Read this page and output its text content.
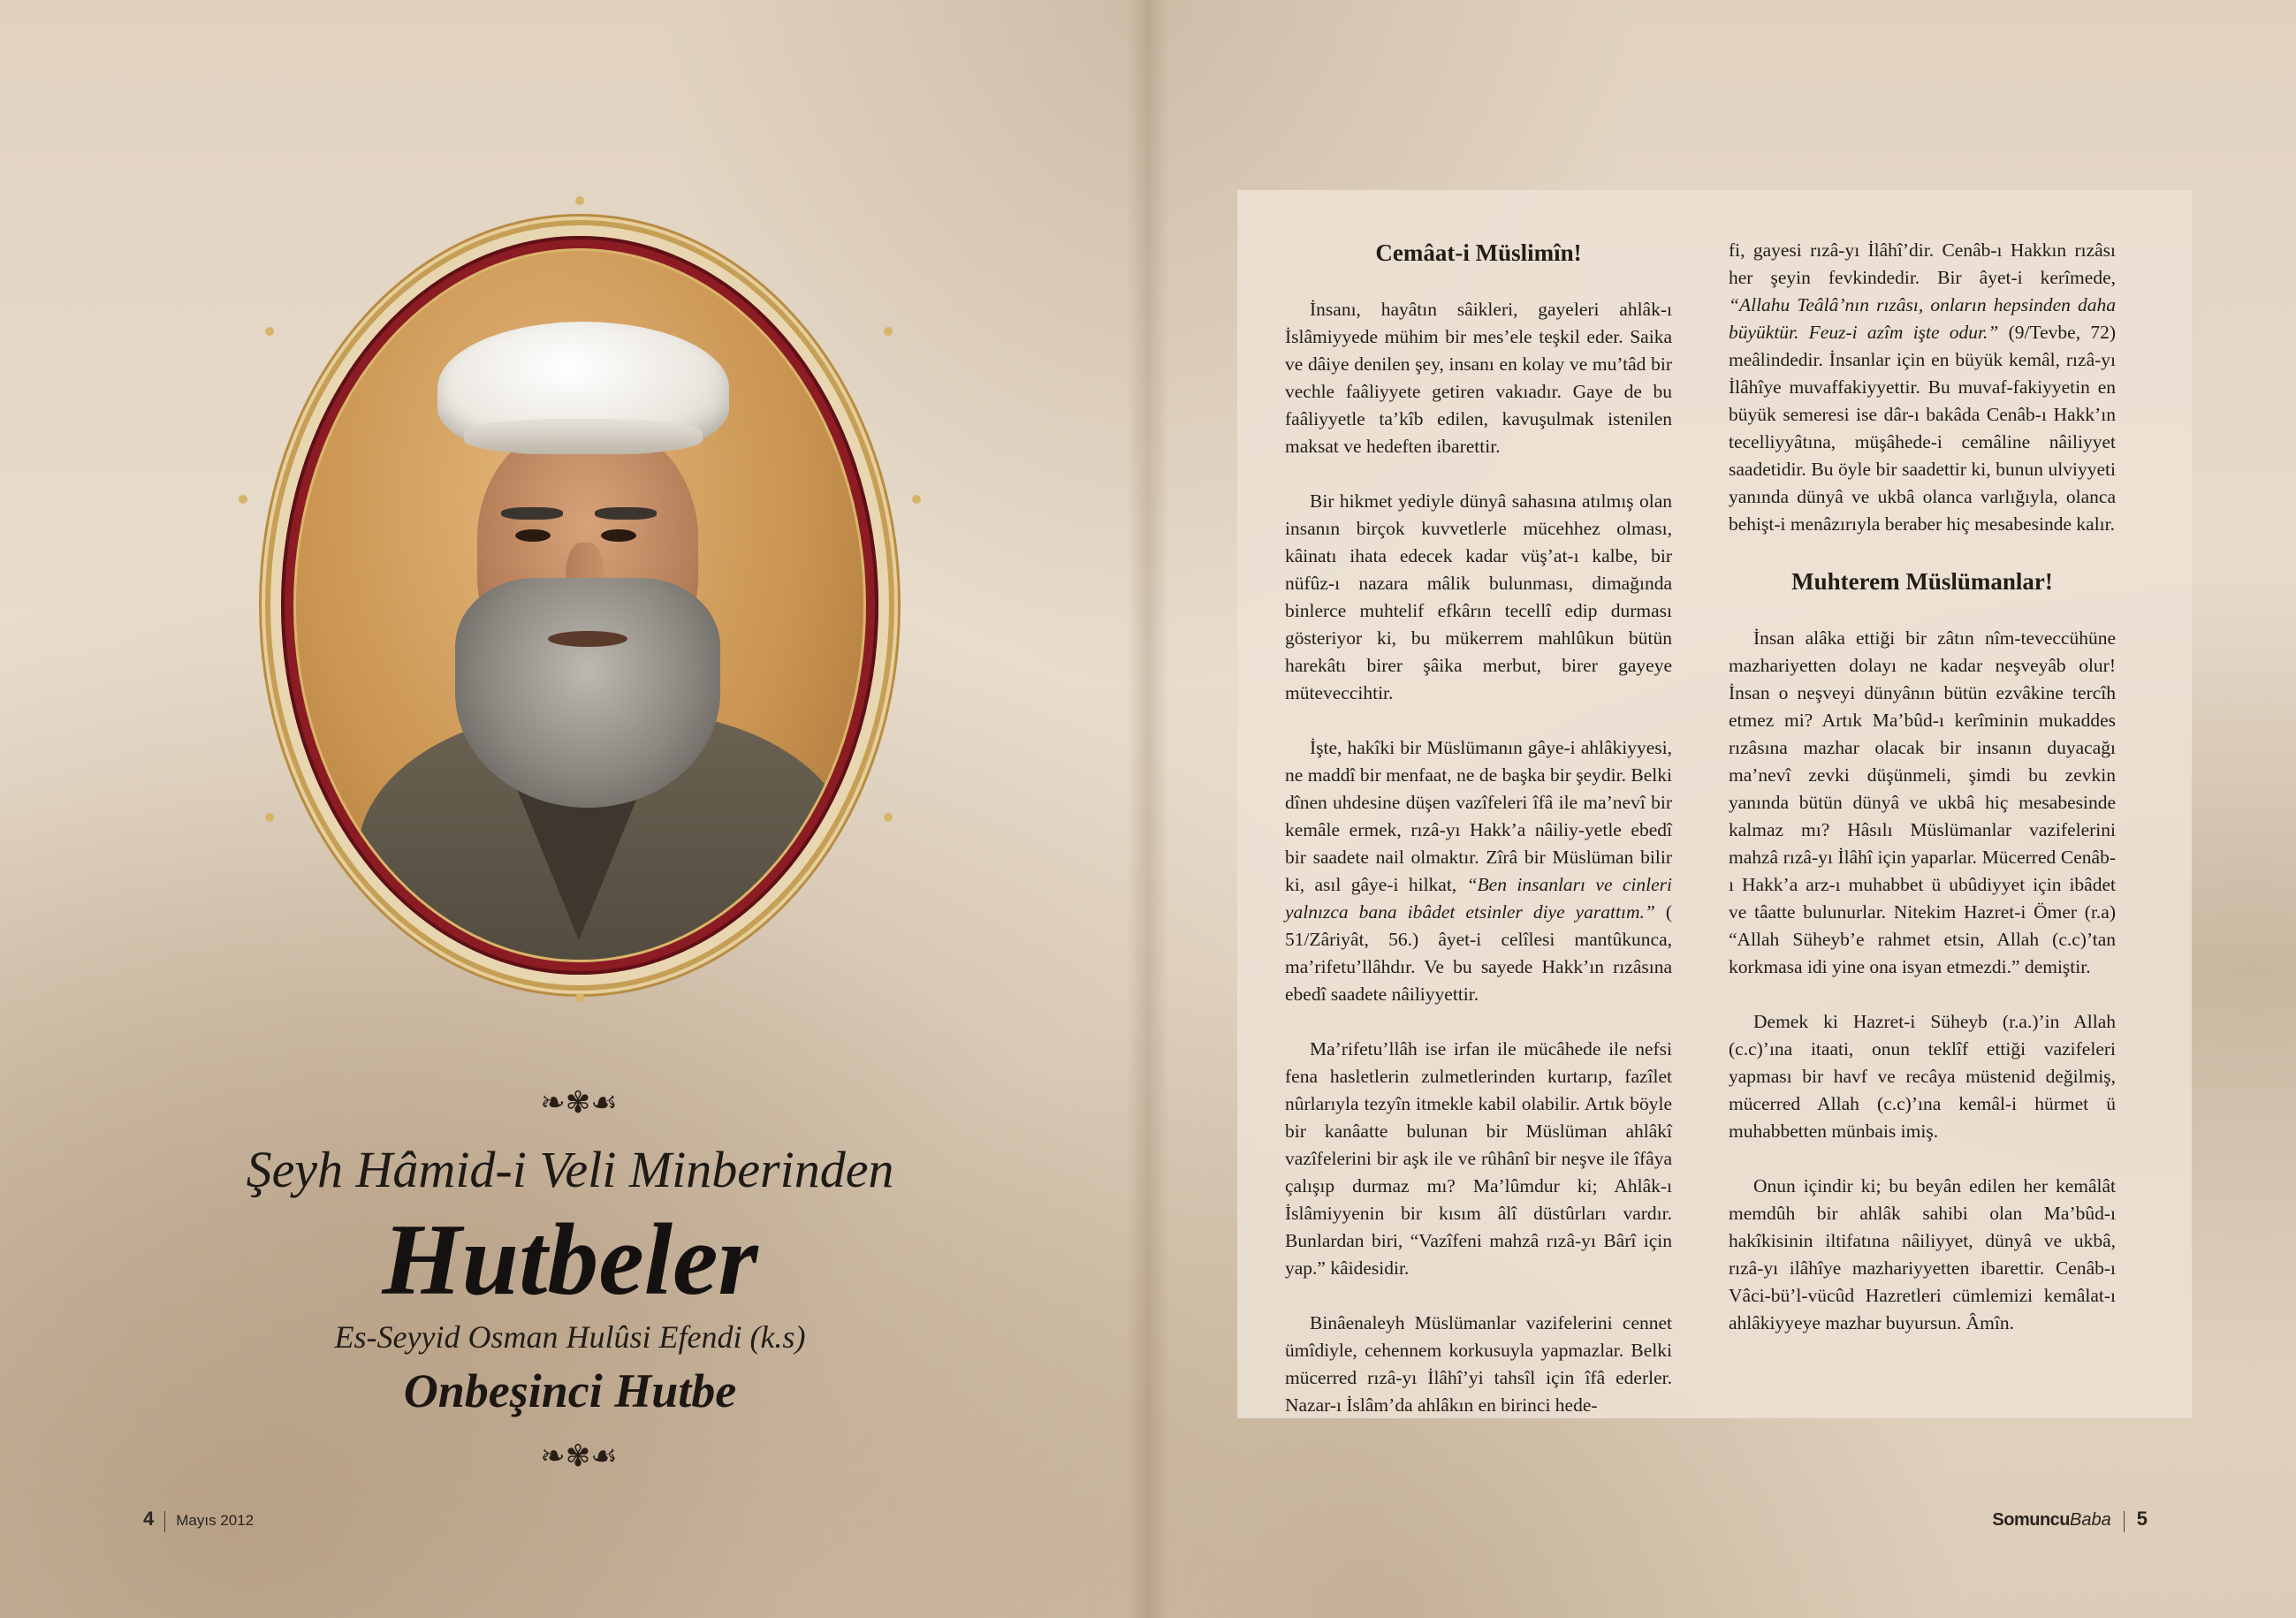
❧✾☙
Şeyh Hâmid-i Veli Minberinden
Hutbeler
Es-Seyyid Osman Hulûsi Efendi (k.s)
Onbeşinci Hutbe
❧✾☙
4 Mayıs 2012
Cemâat-i Müslimîn!

İnsanı, hayâtın sâikleri, gayeleri ahlâk-ı İslâmiyyede mühim bir mes’ele teşkil eder. Saika ve dâiye denilen şey, insanı en kolay ve mu’tâd bir vechle faâliyyete getiren vakıadır. Gaye de bu faâliyyetle ta’kîb edilen, kavuşulmak istenilen maksat ve hedeften ibarettir.

Bir hikmet yediyle dünyâ sahasına atılmış olan insanın birçok kuvvetlerle mücehhez olması, kâinatı ihata edecek kadar vüş’at-ı kalbe, bir nüfûz-ı nazara mâlik bulunması, dimağında binlerce muhtelif efkârın tecellî edip durması gösteriyor ki, bu mükerrem mahlûkun bütün harekâtı birer şâika merbut, birer gayeye müteveccihtir.

İşte, hakîki bir Müslümanın gâye-i ahlâkiyyesi, ne maddî bir menfaat, ne de başka bir şeydir. Belki dînen uhdesine düşen vazîfeleri îfâ ile ma’nevî bir kemâle ermek, rızâ-yı Hakk’a nâiliy-yetle ebedî bir saadete nail olmaktır. Zîrâ bir Müslüman bilir ki, asıl gâye-i hilkat, “Ben insanları ve cinleri yalnızca bana ibâdet etsinler diye yarattım.” ( 51/Zâriyât, 56.) âyet-i celîlesi mantûkunca, ma’rifetu’llâhdır. Ve bu sayede Hakk’ın rızâsına ebedî saadete nâiliyyettir.

Ma’rifetu’llâh ise irfan ile mücâhede ile nefsi fena hasletlerin zulmetlerinden kurtarıp, fazîlet nûrlarıyla tezyîn itmekle kabil olabilir. Artık böyle bir kanâatte bulunan bir Müslüman ahlâkî vazîfelerini bir aşk ile ve rûhânî bir neşve ile îfâya çalışıp durmaz mı? Ma’lûmdur ki; Ahlâk-ı İslâmiyyenin bir kısım âlî düstûrları vardır. Bunlardan biri, “Vazîfeni mahzâ rızâ-yı Bârî için yap.” kâidesidir.

Binâenaleyh Müslümanlar vazifelerini cennet ümîdiyle, cehennem korkusuyla yapmazlar. Belki mücerred rızâ-yı İlâhî’yi tahsîl için îfâ ederler. Nazar-ı İslâm’da ahlâkın en birinci hede-

fi, gayesi rızâ-yı İlâhî’dir. Cenâb-ı Hakkın rızâsı her şeyin fevkindedir. Bir âyet-i kerîmede, “Allahu Teâlâ’nın rızâsı, onların hepsinden daha büyüktür. Feuz-i azîm işte odur.” (9/Tevbe, 72) meâlindedir. İnsanlar için en büyük kemâl, rızâ-yı İlâhîye muvaffakiyyettir. Bu muvaf-fakiyyetin en büyük semeresi ise dâr-ı bakâda Cenâb-ı Hakk’ın tecelliyyâtına, müşâhede-i cemâline nâiliyyet saadetidir. Bu öyle bir saadettir ki, bunun ulviyyeti yanında dünyâ ve ukbâ olanca varlığıyla, olanca behişt-i menâzırıyla beraber hiç mesabesinde kalır.

Muhterem Müslümanlar!

İnsan alâka ettiği bir zâtın nîm-teveccühüne mazhariyetten dolayı ne kadar neşveyâb olur! İnsan o neşveyi dünyânın bütün ezvâkine tercîh etmez mi? Artık Ma’bûd-ı kerîminin mukaddes rızâsına mazhar olacak bir insanın duyacağı ma’nevî zevki düşünmeli, şimdi bu zevkin yanında bütün dünyâ ve ukbâ hiç mesabesinde kalmaz mı? Hâsılı Müslümanlar vazifelerini mahzâ rızâ-yı İlâhî için yaparlar. Mücerred Cenâb-ı Hakk’a arz-ı muhabbet ü ubûdiyyet için ibâdet ve tâatte bulunurlar. Nitekim Hazret-i Ömer (r.a) “Allah Süheyb’e rahmet etsin, Allah (c.c)’tan korkmasa idi yine ona isyan etmezdi.” demiştir.

Demek ki Hazret-i Süheyb (r.a.)’in Allah (c.c)’ına itaati, onun teklîf ettiği vazifeleri yapması bir havf ve recâya müstenid değilmiş, mücerred Allah (c.c)’ına kemâl-i hürmet ü muhabbetten münbais imiş.

Onun içindir ki; bu beyân edilen her kemâlât memdûh bir ahlâk sahibi olan Ma’bûd-ı hakîkisinin iltifatına nâiliyyet, dünyâ ve ukbâ, rızâ-yı ilâhîye mazhariyyetten ibarettir. Cenâb-ı Vâci-bü’l-vücûd Hazretleri cümlemizi kemâlat-ı ahlâkiyyeye mazhar buyursun. Âmîn.

SomuncuBaba 5
